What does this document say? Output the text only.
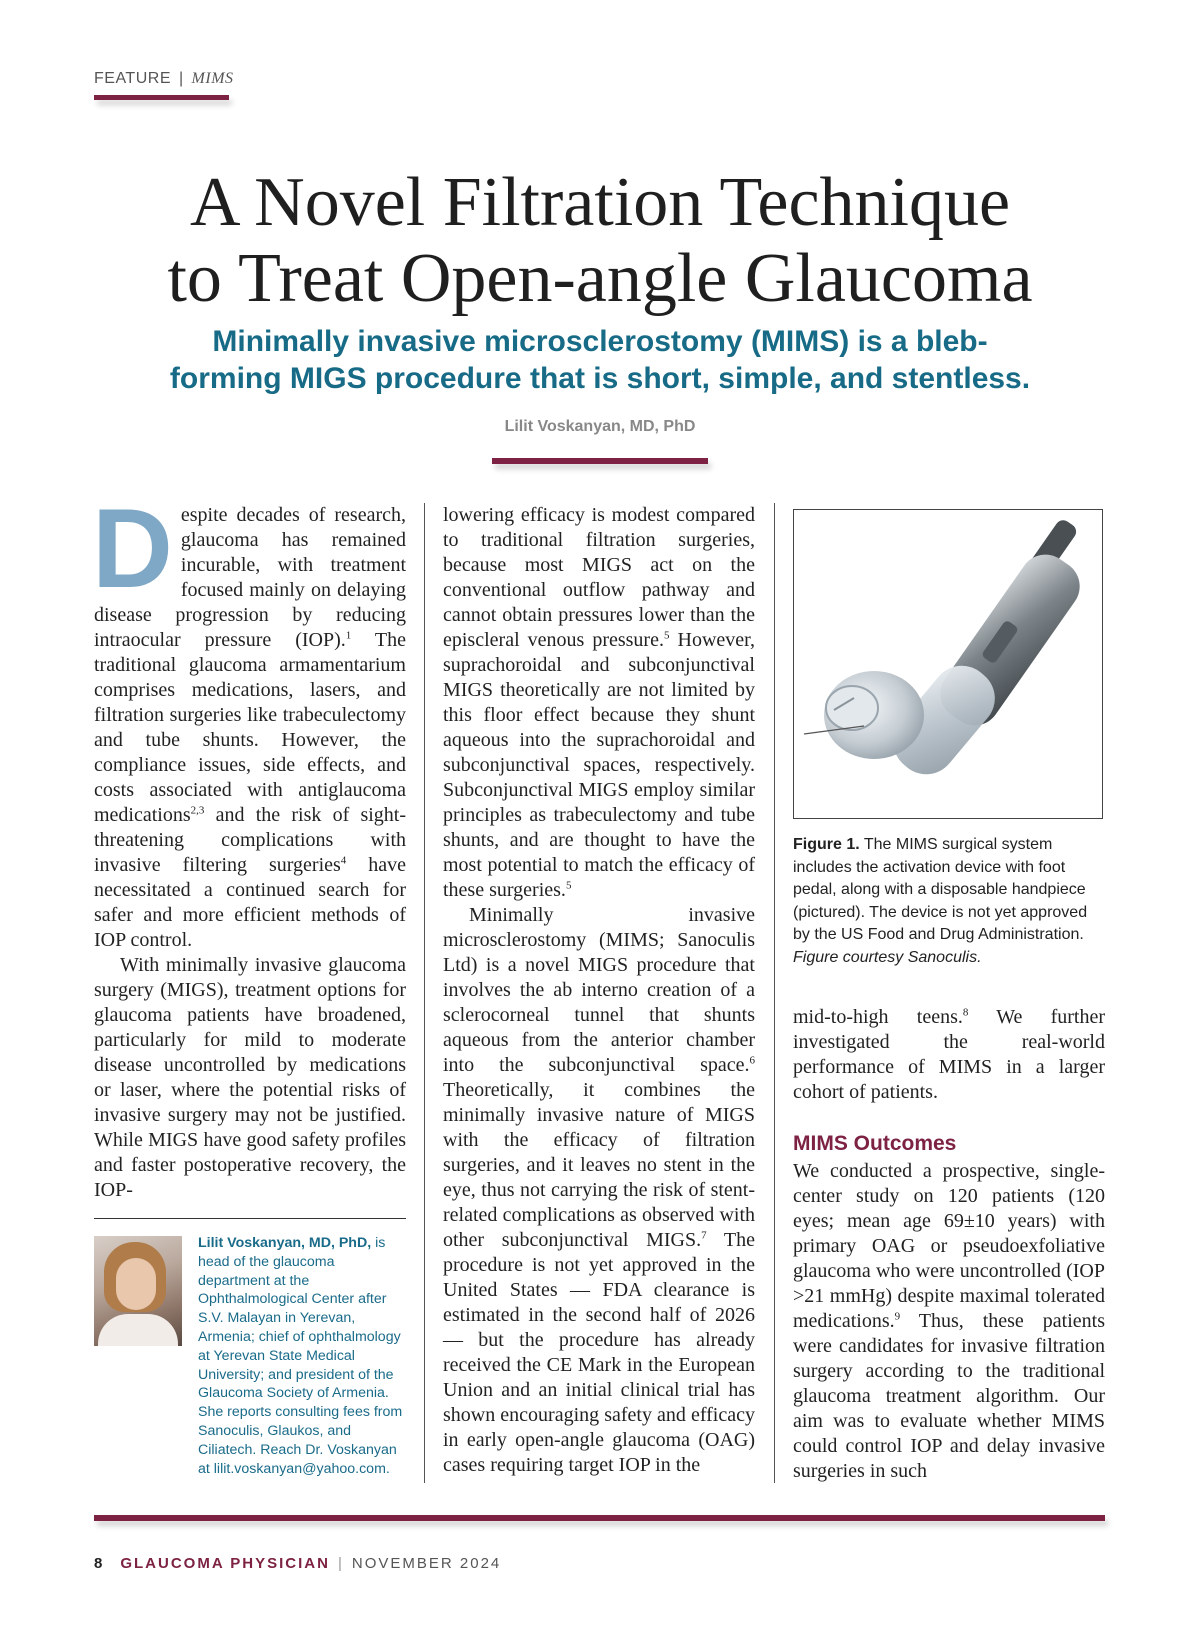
FEATURE | MIMS
A Novel Filtration Technique
to Treat Open-angle Glaucoma
Minimally invasive microsclerostomy (MIMS) is a bleb-
forming MIGS procedure that is short, simple, and stentless.
Lilit Voskanyan, MD, PhD

Despite decades of research, glaucoma has remained incurable, with treatment focused mainly on delaying disease progression by reducing intraocular pressure (IOP).$^1$ The traditional glaucoma armamentarium comprises medications, lasers, and filtration surgeries like trabeculectomy and tube shunts. However, the compliance issues, side effects, and costs associated with antiglaucoma medications$^{2,3}$ and the risk of sight-threatening complications with invasive filtering surgeries$^4$ have necessitated a continued search for safer and more efficient methods of IOP control.

With minimally invasive glaucoma surgery (MIGS), treatment options for glaucoma patients have broadened, particularly for mild to moderate disease uncontrolled by medications or laser, where the potential risks of invasive surgery may not be justified. While MIGS have good safety profiles and faster postoperative recovery, the IOP-

Lilit Voskanyan, MD, PhD, is head of the glaucoma department at the Ophthalmological Center after S.V. Malayan in Yerevan, Armenia; chief of ophthalmology at Yerevan State Medical University; and president of the Glaucoma Society of Armenia. She reports consulting fees from Sanoculis, Glaukos, and Ciliatech. Reach Dr. Voskanyan at lilit.voskanyan@yahoo.com.

lowering efficacy is modest compared to traditional filtration surgeries, because most MIGS act on the conventional outflow pathway and cannot obtain pressures lower than the episcleral venous pressure.$^5$ However, suprachoroidal and subconjunctival MIGS theoretically are not limited by this floor effect because they shunt aqueous into the suprachoroidal and subconjunctival spaces, respectively. Subconjunctival MIGS employ similar principles as trabeculectomy and tube shunts, and are thought to have the most potential to match the efficacy of these surgeries.$^5$

Minimally invasive microsclerostomy (MIMS; Sanoculis Ltd) is a novel MIGS procedure that involves the ab interno creation of a sclerocorneal tunnel that shunts aqueous from the anterior chamber into the subconjunctival space.$^6$ Theoretically, it combines the minimally invasive nature of MIGS with the efficacy of filtration surgeries, and it leaves no stent in the eye, thus not carrying the risk of stent-related complications as observed with other subconjunctival MIGS.$^7$ The procedure is not yet approved in the United States — FDA clearance is estimated in the second half of 2026 — but the procedure has already received the CE Mark in the European Union and an initial clinical trial has shown encouraging safety and efficacy in early open-angle glaucoma (OAG) cases requiring target IOP in the

Figure 1. The MIMS surgical system includes the activation device with foot pedal, along with a disposable handpiece (pictured). The device is not yet approved by the US Food and Drug Administration. Figure courtesy Sanoculis.

mid-to-high teens.$^8$ We further investigated the real-world performance of MIMS in a larger cohort of patients.

MIMS Outcomes

We conducted a prospective, single-center study on 120 patients (120 eyes; mean age 69±10 years) with primary OAG or pseudoexfoliative glaucoma who were uncontrolled (IOP >21 mmHg) despite maximal tolerated medications.$^9$ Thus, these patients were candidates for invasive filtration surgery according to the traditional glaucoma treatment algorithm. Our aim was to evaluate whether MIMS could control IOP and delay invasive surgeries in such

8 GLAUCOMA PHYSICIAN | NOVEMBER 2024
